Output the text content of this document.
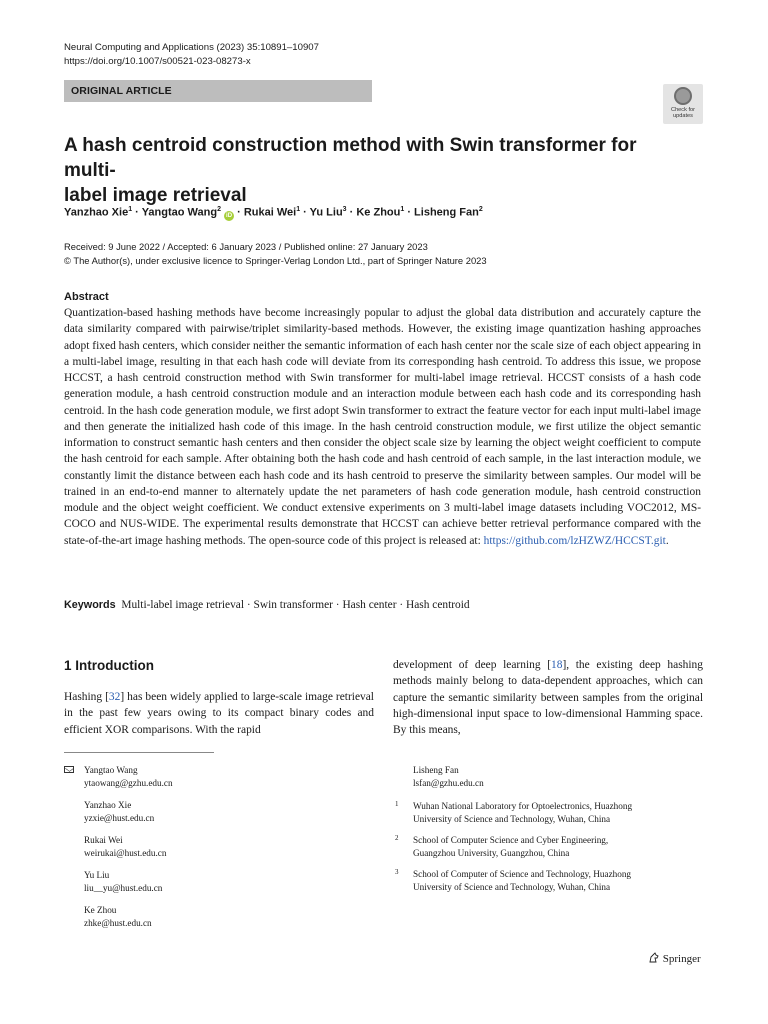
Neural Computing and Applications (2023) 35:10891–10907
https://doi.org/10.1007/s00521-023-08273-x
ORIGINAL ARTICLE
Check for
updates
A hash centroid construction method with Swin transformer for multi-
label image retrieval
Yanzhao Xie$^1$ · Yangtao Wang$^2$ iD · Rukai Wei$^1$ · Yu Liu$^3$ · Ke Zhou$^1$ · Lisheng Fan$^2$
Received: 9 June 2022 / Accepted: 6 January 2023 / Published online: 27 January 2023
© The Author(s), under exclusive licence to Springer-Verlag London Ltd., part of Springer Nature 2023
Abstract
Quantization-based hashing methods have become increasingly popular to adjust the global data distribution and accurately capture the data similarity compared with pairwise/triplet similarity-based methods. However, the existing image quantization hashing approaches adopt fixed hash centers, which consider neither the semantic information of each hash center nor the scale size of each object appearing in a multi-label image, resulting in that each hash code will deviate from its corresponding hash centroid. To address this issue, we propose HCCST, a hash centroid construction method with Swin transformer for multi-label image retrieval. HCCST consists of a hash code generation module, a hash centroid construction module and an interaction module between each hash code and its corresponding hash centroid. In the hash code generation module, we first adopt Swin transformer to extract the feature vector for each input multi-label image and then generate the initialized hash code of this image. In the hash centroid construction module, we first utilize the object semantic information to construct semantic hash centers and then consider the object scale size by learning the object weight coefficient to compute the hash centroid for each sample. After obtaining both the hash code and hash centroid of each sample, in the last interaction module, we constantly limit the distance between each hash code and its hash centroid to preserve the similarity between samples. Our model will be trained in an end-to-end manner to alternately update the net parameters of hash code generation module, hash centroid construction module and the object weight coefficient. We conduct extensive experiments on 3 multi-label image datasets including VOC2012, MS-COCO and NUS-WIDE. The experimental results demonstrate that HCCST can achieve better retrieval performance compared with the state-of-the-art image hashing methods. The open-source code of this project is released at: https://github.com/lzHZWZ/HCCST.git.
Keywords Multi-label image retrieval · Swin transformer · Hash center · Hash centroid
1 Introduction
Hashing [32] has been widely applied to large-scale image retrieval in the past few years owing to its compact binary codes and efficient XOR comparisons. With the rapid
development of deep learning [18], the existing deep hashing methods mainly belong to data-dependent approaches, which can capture the semantic similarity between samples from the original high-dimensional input space to low-dimensional Hamming space. By this means,
Yangtao Wang
ytaowang@gzhu.edu.cn
Yanzhao Xie
yzxie@hust.edu.cn
Rukai Wei
weirukai@hust.edu.cn
Yu Liu
liu__yu@hust.edu.cn
Ke Zhou
zhke@hust.edu.cn
Lisheng Fan
lsfan@gzhu.edu.cn
1 Wuhan National Laboratory for Optoelectronics, Huazhong
University of Science and Technology, Wuhan, China
2 School of Computer Science and Cyber Engineering,
Guangzhou University, Guangzhou, China
3 School of Computer of Science and Technology, Huazhong
University of Science and Technology, Wuhan, China
Springer
